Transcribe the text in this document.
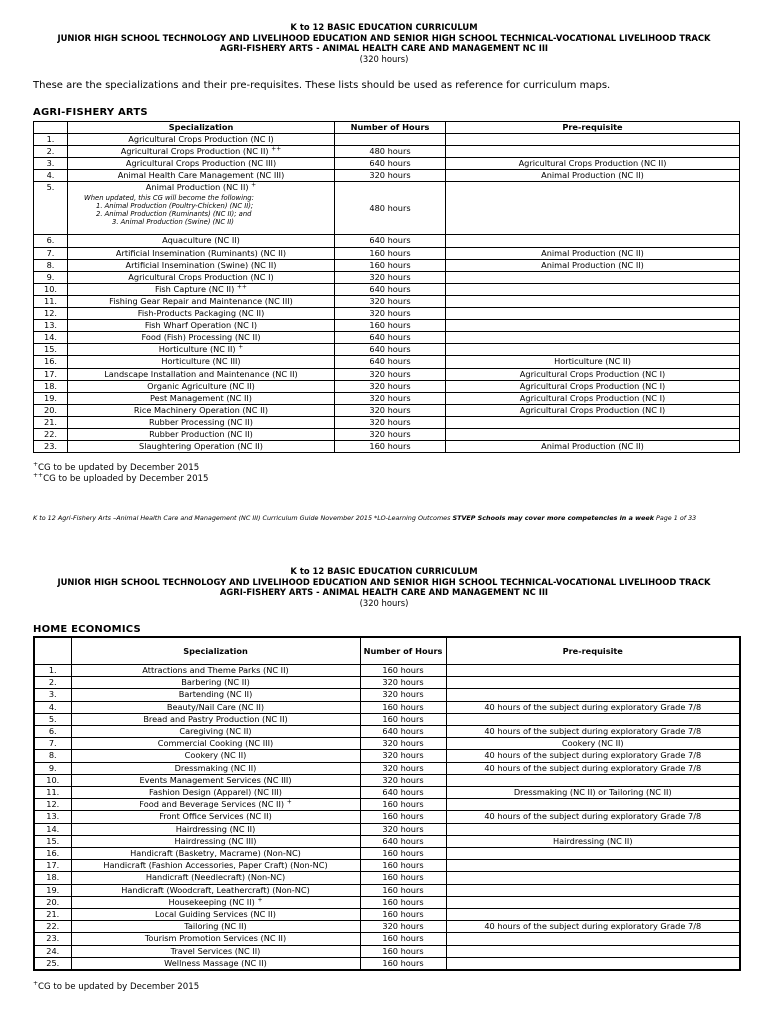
K to 12 BASIC EDUCATION CURRICULUM
JUNIOR HIGH SCHOOL TECHNOLOGY AND LIVELIHOOD EDUCATION AND SENIOR HIGH SCHOOL TECHNICAL-VOCATIONAL LIVELIHOOD TRACK
AGRI-FISHERY ARTS - ANIMAL HEALTH CARE AND MANAGEMENT NC III
(320 hours)
These are the specializations and their pre-requisites. These lists should be used as reference for curriculum maps.
AGRI-FISHERY ARTS
	Specialization	Number of Hours	Pre-requisite
1.	Agricultural Crops Production (NC I)		
2.	Agricultural Crops Production (NC II) ++	480 hours	
3.	Agricultural Crops Production (NC III)	640 hours	Agricultural Crops Production (NC II)
4.	Animal Health Care Management (NC III)	320 hours	Animal Production (NC II)
5.	Animal Production (NC II) +
When updated, this CG will become the following:
1. Animal Production (Poultry-Chicken) (NC II);
2. Animal Production (Ruminants) (NC II); and
3. Animal Production (Swine) (NC II)	480 hours	
6.	Aquaculture (NC II)	640 hours	
7.	Artificial Insemination (Ruminants) (NC II)	160 hours	Animal Production (NC II)
8.	Artificial Insemination (Swine) (NC II)	160 hours	Animal Production (NC II)
9.	Agricultural Crops Production (NC I)	320 hours	
10.	Fish Capture (NC II) ++	640 hours	
11.	Fishing Gear Repair and Maintenance (NC III)	320 hours	
12.	Fish-Products Packaging (NC II)	320 hours	
13.	Fish Wharf Operation (NC I)	160 hours	
14.	Food (Fish) Processing (NC II)	640 hours	
15.	Horticulture (NC II) +	640 hours	
16.	Horticulture (NC III)	640 hours	Horticulture (NC II)
17.	Landscape Installation and Maintenance (NC II)	320 hours	Agricultural Crops Production (NC I)
18.	Organic Agriculture (NC II)	320 hours	Agricultural Crops Production (NC I)
19.	Pest Management (NC II)	320 hours	Agricultural Crops Production (NC I)
20.	Rice Machinery Operation (NC II)	320 hours	Agricultural Crops Production (NC I)
21.	Rubber Processing (NC II)	320 hours	
22.	Rubber Production (NC II)	320 hours	
23.	Slaughtering Operation (NC II)	160 hours	Animal Production (NC II)
+CG to be updated by December 2015
++CG to be uploaded by December 2015
K to 12 Agri-Fishery Arts –Animal Health Care and Management (NC III) Curriculum Guide November 2015 *LO-Learning Outcomes STVEP Schools may cover more competencies in a week Page 1 of 33
K to 12 BASIC EDUCATION CURRICULUM
JUNIOR HIGH SCHOOL TECHNOLOGY AND LIVELIHOOD EDUCATION AND SENIOR HIGH SCHOOL TECHNICAL-VOCATIONAL LIVELIHOOD TRACK
AGRI-FISHERY ARTS - ANIMAL HEALTH CARE AND MANAGEMENT NC III
(320 hours)
HOME ECONOMICS
	Specialization	Number of Hours	Pre-requisite
1.	Attractions and Theme Parks (NC II)	160 hours	
2.	Barbering (NC II)	320 hours	
3.	Bartending (NC II)	320 hours	
4.	Beauty/Nail Care (NC II)	160 hours	40 hours of the subject during exploratory Grade 7/8
5.	Bread and Pastry Production (NC II)	160 hours	
6.	Caregiving (NC II)	640 hours	40 hours of the subject during exploratory Grade 7/8
7.	Commercial Cooking (NC III)	320 hours	Cookery (NC II)
8.	Cookery (NC II)	320 hours	40 hours of the subject during exploratory Grade 7/8
9.	Dressmaking (NC II)	320 hours	40 hours of the subject during exploratory Grade 7/8
10.	Events Management Services (NC III)	320 hours	
11.	Fashion Design (Apparel) (NC III)	640 hours	Dressmaking (NC II) or Tailoring (NC II)
12.	Food and Beverage Services (NC II) +	160 hours	
13.	Front Office Services (NC II)	160 hours	40 hours of the subject during exploratory Grade 7/8
14.	Hairdressing (NC II)	320 hours	
15.	Hairdressing (NC III)	640 hours	Hairdressing (NC II)
16.	Handicraft (Basketry, Macrame) (Non-NC)	160 hours	
17.	Handicraft (Fashion Accessories, Paper Craft) (Non-NC)	160 hours	
18.	Handicraft (Needlecraft) (Non-NC)	160 hours	
19.	Handicraft (Woodcraft, Leathercraft) (Non-NC)	160 hours	
20.	Housekeeping (NC II) +	160 hours	
21.	Local Guiding Services (NC II)	160 hours	
22.	Tailoring (NC II)	320 hours	40 hours of the subject during exploratory Grade 7/8
23.	Tourism Promotion Services (NC II)	160 hours	
24.	Travel Services (NC II)	160 hours	
25.	Wellness Massage (NC II)	160 hours	
+CG to be updated by December 2015
